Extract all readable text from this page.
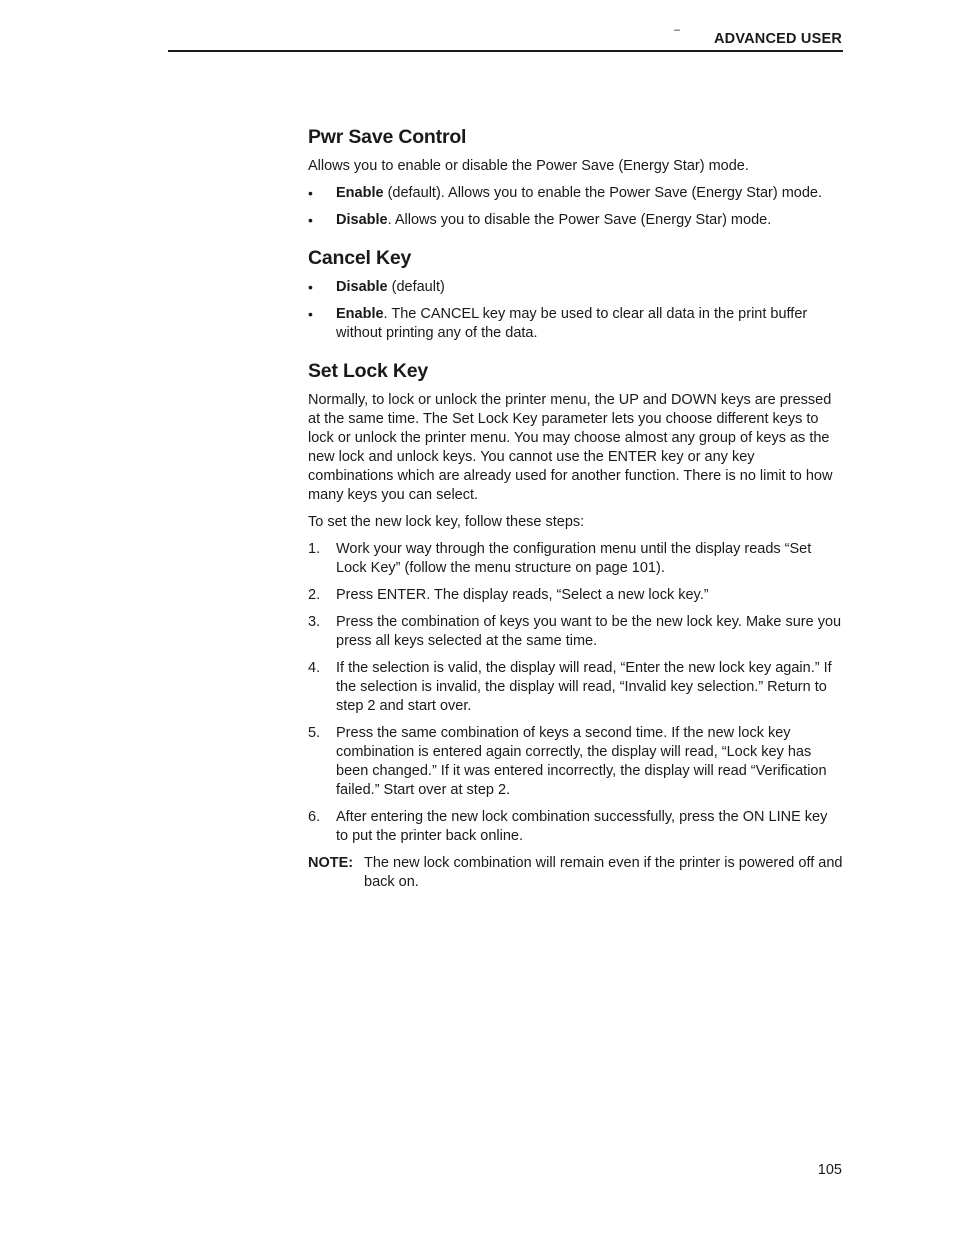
–
ADVANCED USER
Pwr Save Control

Allows you to enable or disable the Power Save (Energy Star) mode.

• Enable (default). Allows you to enable the Power Save (Energy Star) mode.
• Disable. Allows you to disable the Power Save (Energy Star) mode.
Cancel Key
• Disable (default)
• Enable. The CANCEL key may be used to clear all data in the print buffer without printing any of the data.
Set Lock Key

Normally, to lock or unlock the printer menu, the UP and DOWN keys are pressed at the same time. The Set Lock Key parameter lets you choose different keys to lock or unlock the printer menu. You may choose almost any group of keys as the new lock and unlock keys. You cannot use the ENTER key or any key combinations which are already used for another function. There is no limit to how many keys you can select.

To set the new lock key, follow these steps:

1. Work your way through the configuration menu until the display reads “Set Lock Key” (follow the menu structure on page 101).
2. Press ENTER. The display reads, “Select a new lock key.”
3. Press the combination of keys you want to be the new lock key. Make sure you press all keys selected at the same time.
4. If the selection is valid, the display will read, “Enter the new lock key again.” If the selection is invalid, the display will read, “Invalid key selection.” Return to step 2 and start over.
5. Press the same combination of keys a second time. If the new lock key combination is entered again correctly, the display will read, “Lock key has been changed.” If it was entered incorrectly, the display will read “Verification failed.” Start over at step 2.
6. After entering the new lock combination successfully, press the ON LINE key to put the printer back online.
NOTE: The new lock combination will remain even if the printer is powered off and back on.
105
